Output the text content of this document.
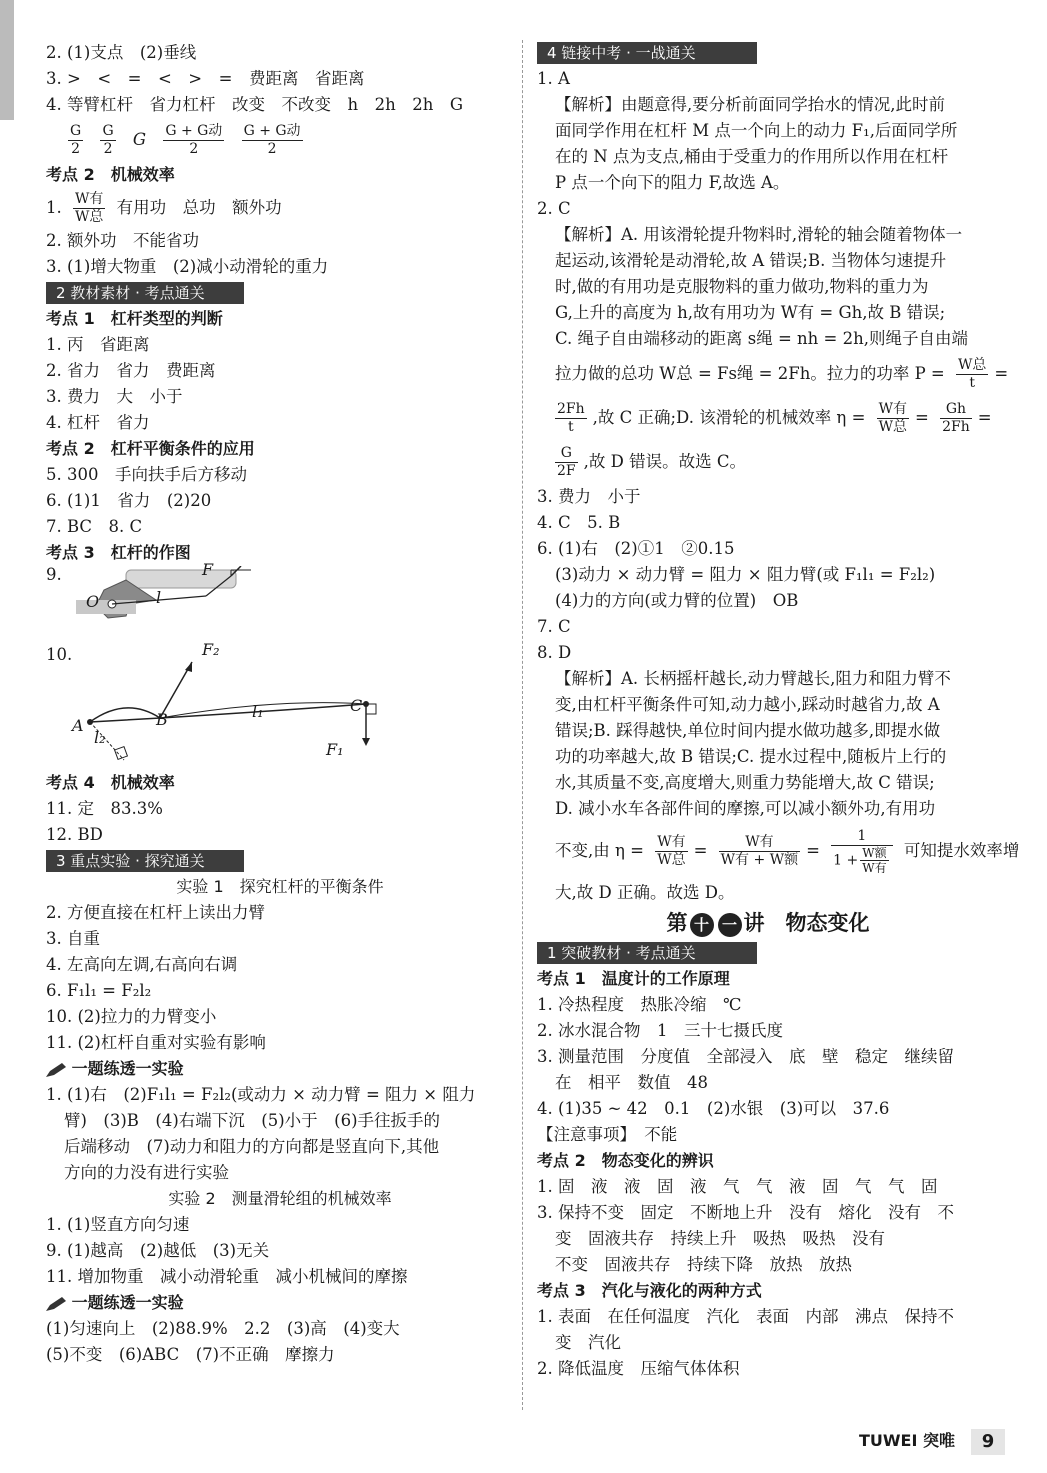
2. (1)支点　(2)垂线
3. >　<　=　<　>　=　费距离　省距离
4. 等臂杠杆　省力杠杆　改变　不改变　h　2h　2h　G
$\frac{G}{2}$
$\frac{G}{2}$ G $\frac{\text{G + G动}}{2}$
$\frac{\text{G + G动}}{2}$
考点 2　机械效率
1. $\frac{\text{W有}}{\text{W总}}$ 有用功　总功　额外功
2. 额外功　不能省功
3. (1)增大物重　(2)减小动滑轮的重力
2 教材素材 · 考点通关
考点 1　杠杆类型的判断
1. 丙　省距离
2. 省力　省力　费距离
3. 费力　大　小于
4. 杠杆　省力
考点 2　杠杆平衡条件的应用
5. 300　手向扶手后方移动
6. (1)1　省力　(2)20
7. BC　8. C
考点 3　杠杆的作图
9.
O	l
F
10.	F₂
A	B	l₁
l₂
C
F₁
考点 4　机械效率
11. 定　83.3%
12. BD
3 重点实验 · 探究通关
实验 1　探究杠杆的平衡条件
2. 方便直接在杠杆上读出力臂
3. 自重
4. 左高向左调,右高向右调
6. F₁l₁ = F₂l₂
10. (2)拉力的力臂变小
11. (2)杠杆自重对实验有影响
一题练透一实验
1. (1)右　(2)F₁l₁ = F₂l₂(或动力 × 动力臂 = 阻力 × 阻力
臂)　(3)B　(4)右端下沉　(5)小于　(6)手往扳手的
后端移动　(7)动力和阻力的方向都是竖直向下,其他
方向的力没有进行实验
实验 2　测量滑轮组的机械效率
1. (1)竖直方向匀速
9. (1)越高　(2)越低　(3)无关
11. 增加物重　减小动滑轮重　减小机械间的摩擦
一题练透一实验
(1)匀速向上　(2)88.9%　2.2　(3)高　(4)变大
(5)不变　(6)ABC　(7)不正确　摩擦力
4 链接中考 · 一战通关
1. A
【解析】由题意得,要分析前面同学抬水的情况,此时前
面同学作用在杠杆 M 点一个向上的动力 F₁,后面同学所
在的 N 点为支点,桶由于受重力的作用所以作用在杠杆
P 点一个向下的阻力 F,故选 A。
2. C
【解析】A. 用该滑轮提升物料时,滑轮的轴会随着物体一
起运动,该滑轮是动滑轮,故 A 错误;B. 当物体匀速提升
时,做的有用功是克服物料的重力做功,物料的重力为
G,上升的高度为 h,故有用功为 W有 = Gh,故 B 错误;
C. 绳子自由端移动的距离 s绳 = nh = 2h,则绳子自由端
拉力做的总功 W总 = Fs绳 = 2Fh。拉力的功率 $P = \frac{\text{W总}}{t}$ =
$\frac{2Fh}{t}$ ,故 C 正确;D. 该滑轮的机械效率 $\eta = \frac{\text{W有}}{\text{W总}} = \frac{Gh}{2Fh}$ =
$\frac{G}{2F}$ ,故 D 错误。故选 C。
3. 费力　小于
4. C　5. B
6. (1)右　(2)①1　②0.15
(3)动力 × 动力臂 = 阻力 × 阻力臂(或 F₁l₁ = F₂l₂)
(4)力的方向(或力臂的位置)　OB
7. C
8. D
【解析】A. 长柄摇杆越长,动力臂越长,阻力和阻力臂不
变,由杠杆平衡条件可知,动力越小,踩动时越省力,故 A
错误;B. 踩得越快,单位时间内提水做功越多,即提水做
功的功率越大,故 B 错误;C. 提水过程中,随板片上行的
水,其质量不变,高度增大,则重力势能增大,故 C 错误;
D. 减小水车各部件间的摩擦,可以减小额外功,有用功
不变,由 $\eta = \frac{\text{W有}}{\text{W总}} = \frac{\text{W有}}{\text{W有 + W额}} = \frac{1}{1 + \frac{\text{W额}}{\text{W有}}}$ 可知提水效率增
大,故 D 正确。故选 D。
第 十 一 讲　物态变化
1 突破教材 · 考点通关
考点 1　温度计的工作原理
1. 冷热程度　热胀冷缩　℃
2. 冰水混合物　1　三十七摄氏度
3. 测量范围　分度值　全部浸入　底　壁　稳定　继续留
在　相平　数值　48
4. (1)35 ~ 42　0.1　(2)水银　(3)可以　37.6
【注意事项】　不能
考点 2　物态变化的辨识
1. 固　液　液　固　液　气　气　液　固　气　气　固
3. 保持不变　固定　不断地上升　没有　熔化　没有　不
变　固液共存　持续上升　吸热　吸热　没有
不变　固液共存　持续下降　放热　放热
考点 3　汽化与液化的两种方式
1. 表面　在任何温度　汽化　表面　内部　沸点　保持不
变　汽化
2. 降低温度　压缩气体体积
TUWEI 突唯	9
